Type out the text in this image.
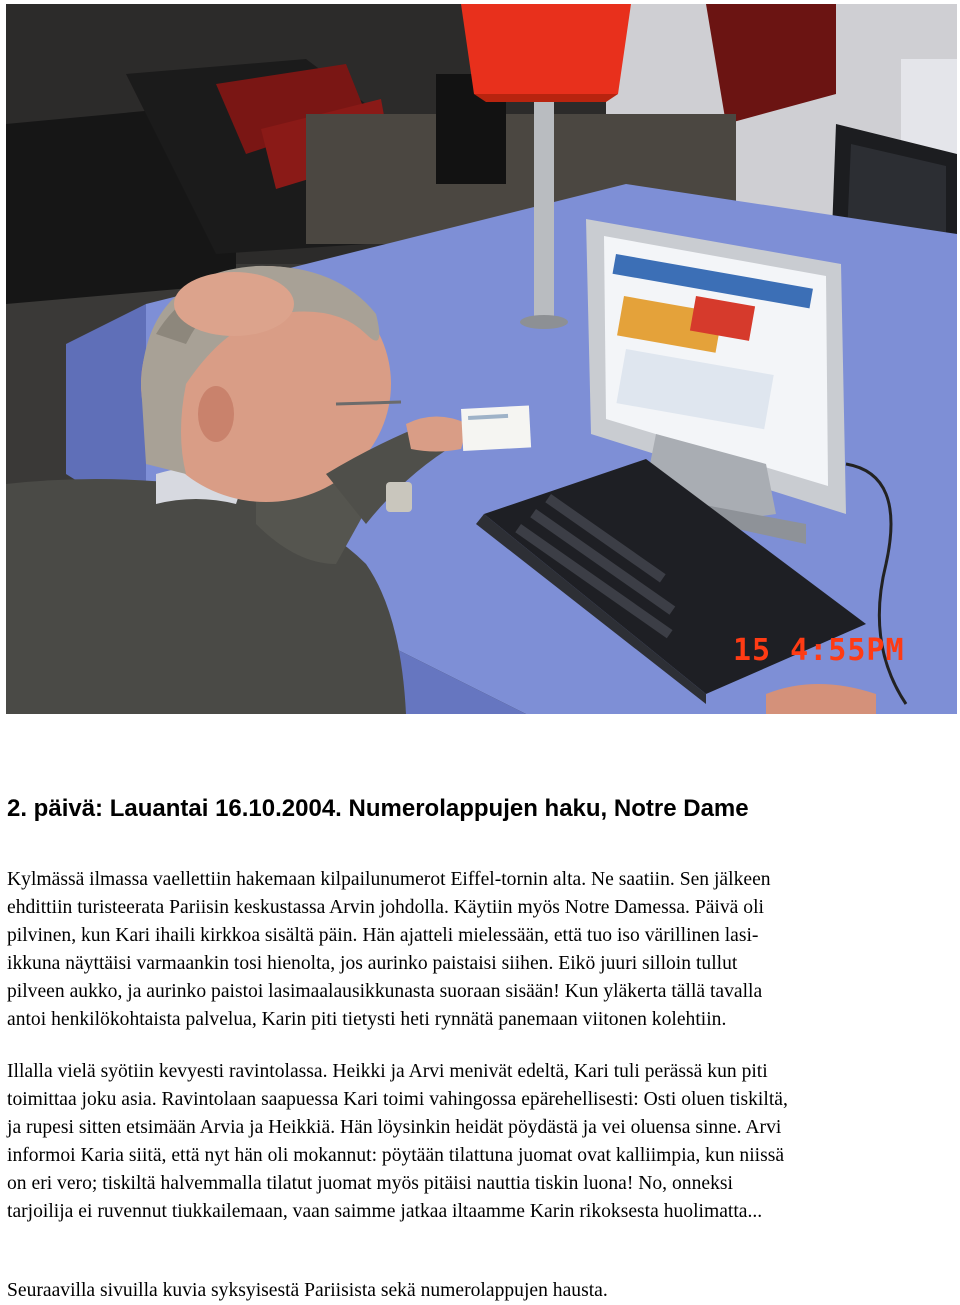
15 4:55PM
2. päivä: Lauantai 16.10.2004. Numerolappujen haku, Notre Dame
Kylmässä ilmassa vaellettiin hakemaan kilpailunumerot Eiffel-tornin alta. Ne saatiin. Sen jälkeen
ehdittiin turisteerata Pariisin keskustassa Arvin johdolla. Käytiin myös Notre Damessa. Päivä oli
pilvinen, kun Kari ihaili kirkkoa sisältä päin. Hän ajatteli mielessään, että tuo iso värillinen lasi-
ikkuna näyttäisi varmaankin tosi hienolta, jos aurinko paistaisi siihen. Eikö juuri silloin tullut
pilveen aukko, ja aurinko paistoi lasimaalausikkunasta suoraan sisään! Kun yläkerta tällä tavalla
antoi henkilökohtaista palvelua, Karin piti tietysti heti rynnätä panemaan viitonen kolehtiin.
Illalla vielä syötiin kevyesti ravintolassa. Heikki ja Arvi menivät edeltä, Kari tuli perässä kun piti
toimittaa joku asia. Ravintolaan saapuessa Kari toimi vahingossa epärehellisesti: Osti oluen tiskiltä,
ja rupesi sitten etsimään Arvia ja Heikkiä. Hän löysinkin heidät pöydästä ja vei oluensa sinne. Arvi
informoi Karia siitä, että nyt hän oli mokannut: pöytään tilattuna juomat ovat kalliimpia, kun niissä
on eri vero; tiskiltä halvemmalla tilatut juomat myös pitäisi nauttia tiskin luona! No, onneksi
tarjoilija ei ruvennut tiukkailemaan, vaan saimme jatkaa iltaamme Karin rikoksesta huolimatta...

Seuraavilla sivuilla kuvia syksyisestä Pariisista sekä numerolappujen hausta.
